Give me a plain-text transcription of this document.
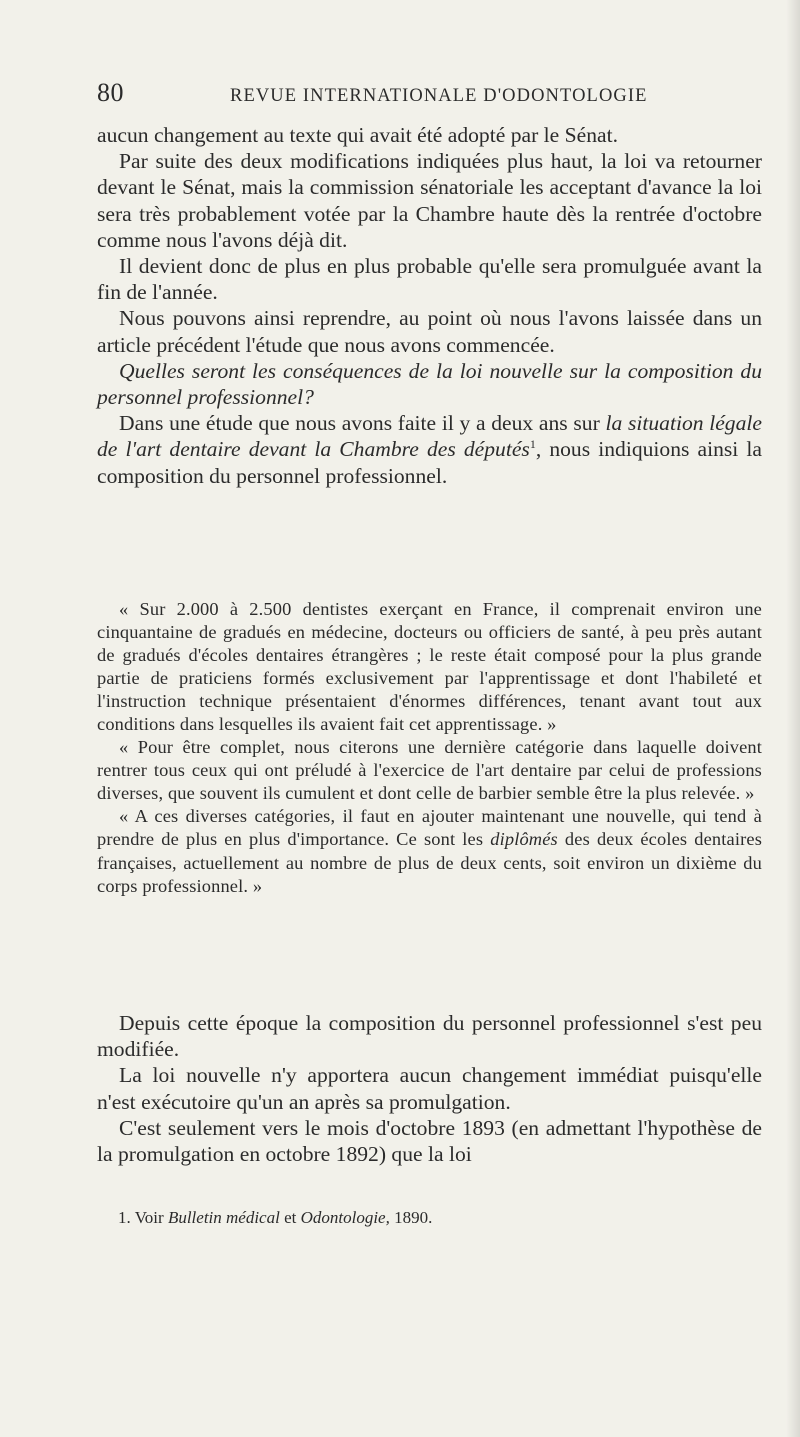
80	REVUE INTERNATIONALE D'ODONTOLOGIE

aucun changement au texte qui avait été adopté par le Sénat.

Par suite des deux modifications indiquées plus haut, la loi va retourner devant le Sénat, mais la commission sénatoriale les acceptant d'avance la loi sera très probablement votée par la Chambre haute dès la rentrée d'octobre comme nous l'avons déjà dit.

Il devient donc de plus en plus probable qu'elle sera promulguée avant la fin de l'année.

Nous pouvons ainsi reprendre, au point où nous l'avons laissée dans un article précédent l'étude que nous avons commencée.

Quelles seront les conséquences de la loi nouvelle sur la composition du personnel professionnel?

Dans une étude que nous avons faite il y a deux ans sur la situation légale de l'art dentaire devant la Chambre des députés$^1$, nous indiquions ainsi la composition du personnel professionnel.

« Sur 2.000 à 2.500 dentistes exerçant en France, il comprenait environ une cinquantaine de gradués en médecine, docteurs ou officiers de santé, à peu près autant de gradués d'écoles dentaires étrangères ; le reste était composé pour la plus grande partie de praticiens formés exclusivement par l'apprentissage et dont l'habileté et l'instruction technique présentaient d'énormes différences, tenant avant tout aux conditions dans lesquelles ils avaient fait cet apprentissage. »

« Pour être complet, nous citerons une dernière catégorie dans laquelle doivent rentrer tous ceux qui ont préludé à l'exercice de l'art dentaire par celui de professions diverses, que souvent ils cumulent et dont celle de barbier semble être la plus relevée. »

« A ces diverses catégories, il faut en ajouter maintenant une nouvelle, qui tend à prendre de plus en plus d'importance. Ce sont les diplômés des deux écoles dentaires françaises, actuellement au nombre de plus de deux cents, soit environ un dixième du corps professionnel. »

Depuis cette époque la composition du personnel professionnel s'est peu modifiée.

La loi nouvelle n'y apportera aucun changement immédiat puisqu'elle n'est exécutoire qu'un an après sa promulgation.

C'est seulement vers le mois d'octobre 1893 (en admettant l'hypothèse de la promulgation en octobre 1892) que la loi

1. Voir Bulletin médical et Odontologie, 1890.
